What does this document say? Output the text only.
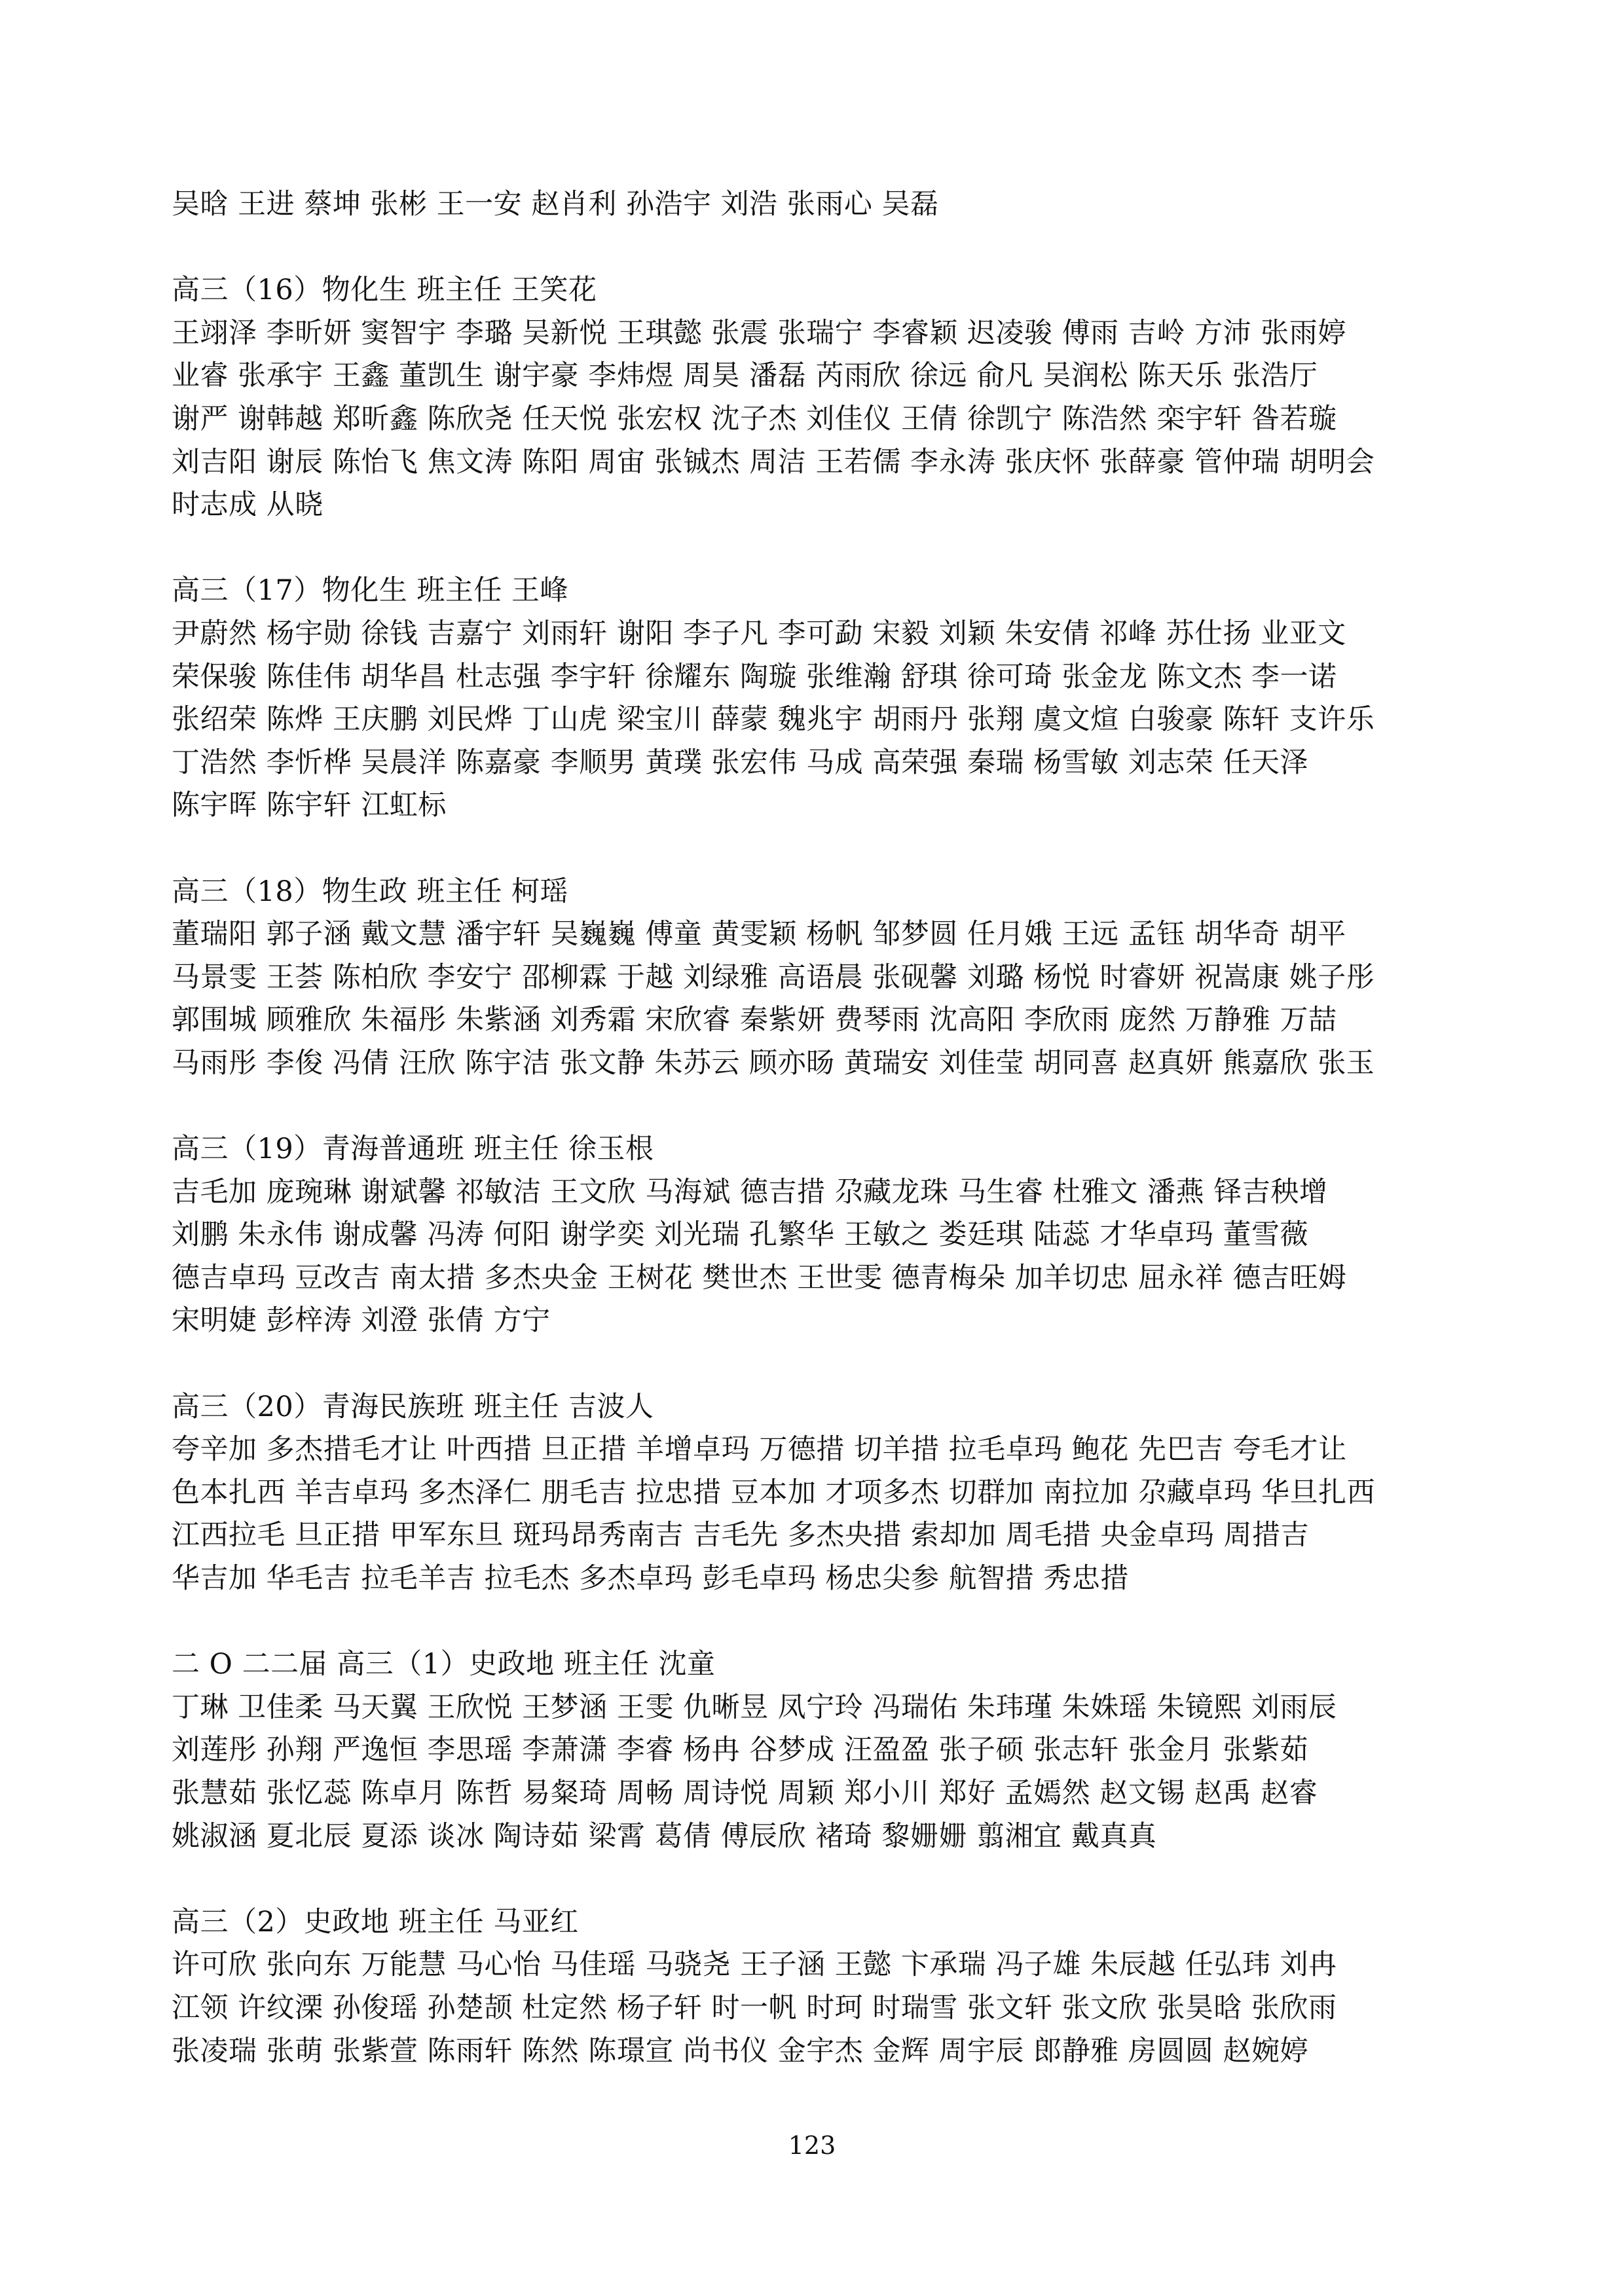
吴晗 王进 蔡坤 张彬 王一安 赵肖利 孙浩宇 刘浩 张雨心 吴磊

高三（16）物化生 班主任 王笑花

王翊泽 李昕妍 窦智宇 李璐 吴新悦 王琪懿 张震 张瑞宁 李睿颖 迟凌骏 傅雨 吉岭 方沛 张雨婷

业睿 张承宇 王鑫 董凯生 谢宇豪 李炜煜 周昊 潘磊 芮雨欣 徐远 俞凡 吴润松 陈天乐 张浩厅

谢严 谢韩越 郑昕鑫 陈欣尧 任天悦 张宏权 沈子杰 刘佳仪 王倩 徐凯宁 陈浩然 栾宇轩 昝若璇

刘吉阳 谢辰 陈怡飞 焦文涛 陈阳 周宙 张铖杰 周洁 王若儒 李永涛 张庆怀 张薛豪 管仲瑞 胡明会

时志成 从晓

高三（17）物化生 班主任 王峰

尹蔚然 杨宇勋 徐钱 吉嘉宁 刘雨轩 谢阳 李子凡 李可勐 宋毅 刘颖 朱安倩 祁峰 苏仕扬 业亚文

荣保骏 陈佳伟 胡华昌 杜志强 李宇轩 徐耀东 陶璇 张维瀚 舒琪 徐可琦 张金龙 陈文杰 李一诺

张绍荣 陈烨 王庆鹏 刘民烨 丁山虎 梁宝川 薛蒙 魏兆宇 胡雨丹 张翔 虞文煊 白骏豪 陈轩 支许乐

丁浩然 李忻桦 吴晨洋 陈嘉豪 李顺男 黄璞 张宏伟 马成 高荣强 秦瑞 杨雪敏 刘志荣 任天泽

陈宇晖 陈宇轩 江虹标

高三（18）物生政 班主任 柯瑶

董瑞阳 郭子涵 戴文慧 潘宇轩 吴巍巍 傅童 黄雯颖 杨帆 邹梦圆 任月娥 王远 孟钰 胡华奇 胡平

马景雯 王荟 陈柏欣 李安宁 邵柳霖 于越 刘绿雅 高语晨 张砚馨 刘璐 杨悦 时睿妍 祝嵩康 姚子彤

郭围城 顾雅欣 朱福彤 朱紫涵 刘秀霜 宋欣睿 秦紫妍 费琴雨 沈高阳 李欣雨 庞然 万静雅 万喆

马雨彤 李俊 冯倩 汪欣 陈宇洁 张文静 朱苏云 顾亦旸 黄瑞安 刘佳莹 胡同喜 赵真妍 熊嘉欣 张玉

高三（19）青海普通班 班主任 徐玉根

吉毛加 庞琬琳 谢斌馨 祁敏洁 王文欣 马海斌 德吉措 尕藏龙珠 马生睿 杜雅文 潘燕 铎吉秧增

刘鹏 朱永伟 谢成馨 冯涛 何阳 谢学奕 刘光瑞 孔繁华 王敏之 娄廷琪 陆蕊 才华卓玛 董雪薇

德吉卓玛 豆改吉 南太措 多杰央金 王树花 樊世杰 王世雯 德青梅朵 加羊切忠 屈永祥 德吉旺姆

宋明婕 彭梓涛 刘澄 张倩 方宁

高三（20）青海民族班 班主任 吉波人

夸辛加 多杰措毛才让 叶西措 旦正措 羊增卓玛 万德措 切羊措 拉毛卓玛 鲍花 先巴吉 夸毛才让

色本扎西 羊吉卓玛 多杰泽仁 朋毛吉 拉忠措 豆本加 才项多杰 切群加 南拉加 尕藏卓玛 华旦扎西

江西拉毛 旦正措 甲军东旦 斑玛昂秀南吉 吉毛先 多杰央措 索却加 周毛措 央金卓玛 周措吉

华吉加 华毛吉 拉毛羊吉 拉毛杰 多杰卓玛 彭毛卓玛 杨忠尖参 航智措 秀忠措

二 O 二二届 高三（1）史政地 班主任 沈童

丁琳 卫佳柔 马天翼 王欣悦 王梦涵 王雯 仇晰昱 凤宁玲 冯瑞佑 朱玮瑾 朱姝瑶 朱镜熙 刘雨辰

刘莲彤 孙翔 严逸恒 李思瑶 李萧潇 李睿 杨冉 谷梦成 汪盈盈 张子硕 张志轩 张金月 张紫茹

张慧茹 张忆蕊 陈卓月 陈哲 易粲琦 周畅 周诗悦 周颖 郑小川 郑好 孟嫣然 赵文锡 赵禹 赵睿

姚淑涵 夏北辰 夏添 谈冰 陶诗茹 梁霄 葛倩 傅辰欣 褚琦 黎姗姗 翦湘宜 戴真真

高三（2）史政地 班主任 马亚红

许可欣 张向东 万能慧 马心怡 马佳瑶 马骁尧 王子涵 王懿 卞承瑞 冯子雄 朱辰越 任弘玮 刘冉

江领 许纹溧 孙俊瑶 孙楚颉 杜定然 杨子轩 时一帆 时珂 时瑞雪 张文轩 张文欣 张昊晗 张欣雨

张凌瑞 张萌 张紫萱 陈雨轩 陈然 陈璟宣 尚书仪 金宇杰 金辉 周宇辰 郎静雅 房圆圆 赵婉婷

123
